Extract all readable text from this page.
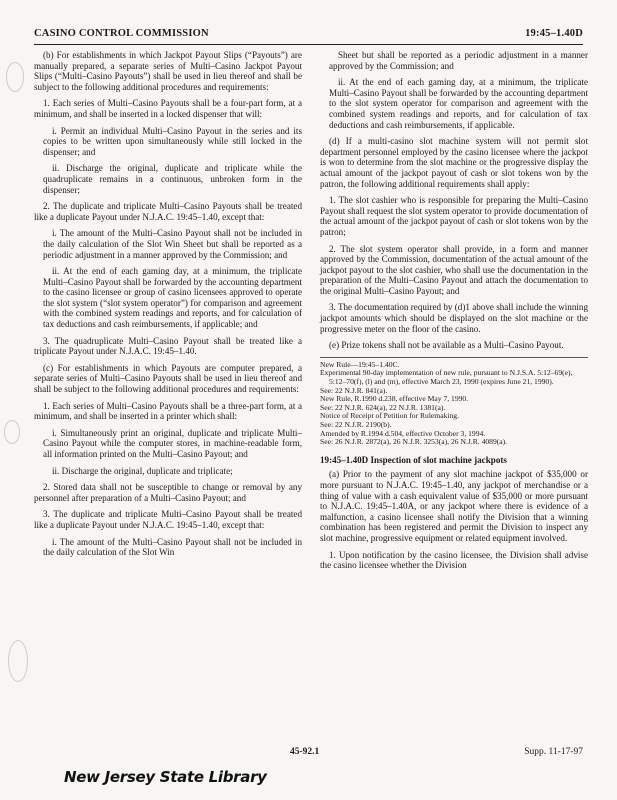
CASINO CONTROL COMMISSION	19:45–1.40D

(b) For establishments in which Jackpot Payout Slips (“Payouts”) are manually prepared, a separate series of Multi–Casino Jackpot Payout Slips (“Multi–Casino Payouts”) shall be used in lieu thereof and shall be subject to the following additional procedures and requirements:

1. Each series of Multi–Casino Payouts shall be a four-part form, at a minimum, and shall be inserted in a locked dispenser that will:

i. Permit an individual Multi–Casino Payout in the series and its copies to be written upon simultaneously while still locked in the dispenser; and

ii. Discharge the original, duplicate and triplicate while the quadruplicate remains in a continuous, unbroken form in the dispenser;

2. The duplicate and triplicate Multi–Casino Payouts shall be treated like a duplicate Payout under N.J.A.C. 19:45–1.40, except that:

i. The amount of the Multi–Casino Payout shall not be included in the daily calculation of the Slot Win Sheet but shall be reported as a periodic adjustment in a manner approved by the Commission; and

ii. At the end of each gaming day, at a minimum, the triplicate Multi–Casino Payout shall be forwarded by the accounting department to the casino licensee or group of casino licensees approved to operate the slot system (“slot system operator”) for comparison and agreement with the combined system readings and reports, and for calculation of tax deductions and cash reimbursements, if applicable; and

3. The quadruplicate Multi–Casino Payout shall be treated like a triplicate Payout under N.J.A.C. 19:45–1.40.

(c) For establishments in which Payouts are computer prepared, a separate series of Multi–Casino Payouts shall be used in lieu thereof and shall be subject to the following additional procedures and requirements:

1. Each series of Multi–Casino Payouts shall be a three-part form, at a minimum, and shall be inserted in a printer which shall:

i. Simultaneously print an original, duplicate and triplicate Multi–Casino Payout while the computer stores, in machine-readable form, all information printed on the Multi–Casino Payout; and

ii. Discharge the original, duplicate and triplicate;

2. Stored data shall not be susceptible to change or removal by any personnel after preparation of a Multi–Casino Payout; and

3. The duplicate and triplicate Multi–Casino Payout shall be treated like a duplicate Payout under N.J.A.C. 19:45–1.40, except that:

i. The amount of the Multi–Casino Payout shall not be included in the daily calculation of the Slot Win

Sheet but shall be reported as a periodic adjustment in a manner approved by the Commission; and

ii. At the end of each gaming day, at a minimum, the triplicate Multi–Casino Payout shall be forwarded by the accounting department to the slot system operator for comparison and agreement with the combined system readings and reports, and for calculation of tax deductions and cash reimbursements, if applicable.

(d) If a multi-casino slot machine system will not permit slot department personnel employed by the casino licensee where the jackpot is won to determine from the slot machine or the progressive display the actual amount of the jackpot payout of cash or slot tokens won by the patron, the following additional requirements shall apply:

1. The slot cashier who is responsible for preparing the Multi–Casino Payout shall request the slot system operator to provide documentation of the actual amount of the jackpot payout of cash or slot tokens won by the patron;

2. The slot system operator shall provide, in a form and manner approved by the Commission, documentation of the actual amount of the jackpot payout to the slot cashier, who shall use the documentation in the preparation of the Multi–Casino Payout and attach the documentation to the original Multi–Casino Payout; and

3. The documentation required by (d)1 above shall include the winning jackpot amounts which should be displayed on the slot machine or the progressive meter on the floor of the casino.

(e) Prize tokens shall not be available as a Multi–Casino Payout.

New Rule—19:45–1.40C.
Experimental 90-day implementation of new rule, pursuant to N.J.S.A. 5:12–69(e), 5:12–70(f), (l) and (m), effective March 23, 1990 (expires June 21, 1990).
See: 22 N.J.R. 841(a).
New Rule, R.1990 d.238, effective May 7, 1990.
See: 22 N.J.R. 624(a), 22 N.J.R. 1381(a).
Notice of Receipt of Petition for Rulemaking.
See: 22 N.J.R. 2190(b).
Amended by R.1994 d.504, effective October 3, 1994.
See: 26 N.J.R. 2872(a), 26 N.J.R. 3253(a), 26 N.J.R. 4089(a).
19:45–1.40D Inspection of slot machine jackpots

(a) Prior to the payment of any slot machine jackpot of $35,000 or more pursuant to N.J.A.C. 19:45–1.40, any jackpot of merchandise or a thing of value with a cash equivalent value of $35,000 or more pursuant to N.J.A.C. 19:45–1.40A, or any jackpot where there is evidence of a malfunction, a casino licensee shall notify the Division that a winning combination has been registered and permit the Division to inspect any slot machine, progressive equipment or related equipment involved.

1. Upon notification by the casino licensee, the Division shall advise the casino licensee whether the Division

45-92.1	Supp. 11-17-97
New Jersey State Library
